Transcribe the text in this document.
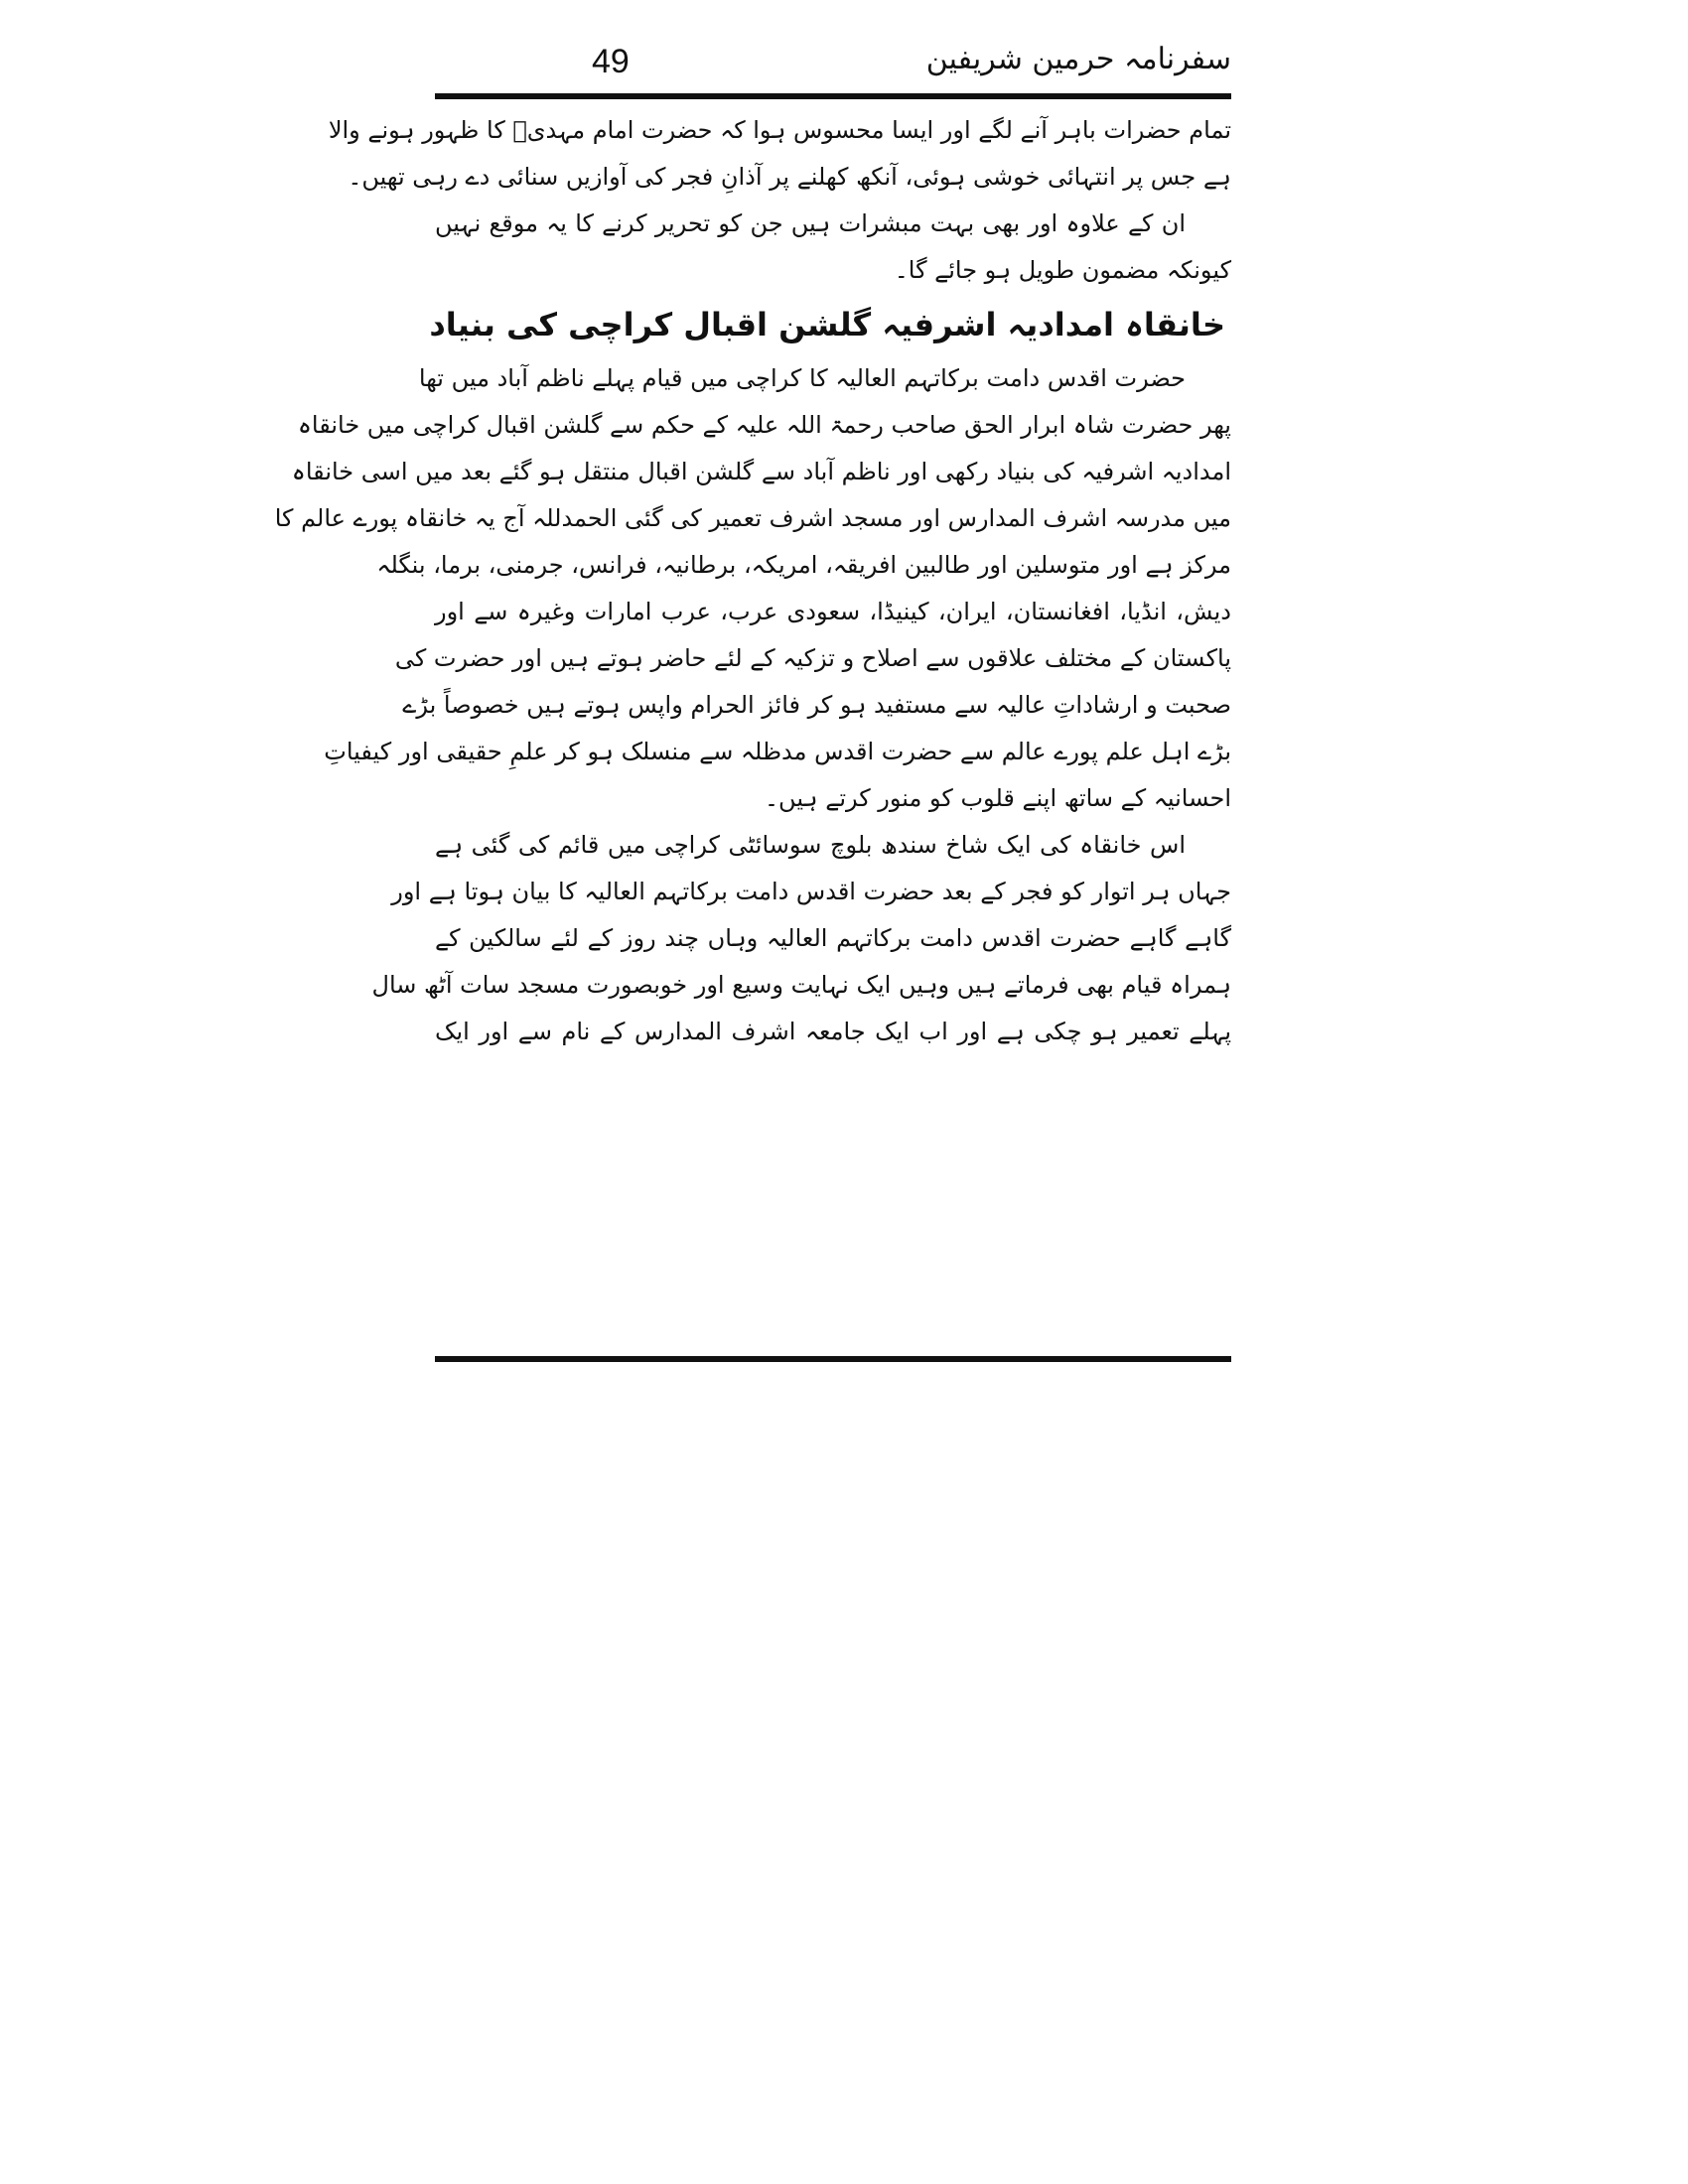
49	سفرنامہ حرمین شریفین
تمام حضرات باہر آنے لگے اور ایسا محسوس ہوا کہ حضرت امام مہدیؒ کا ظہور ہونے والا
ہے جس پر انتہائی خوشی ہوئی، آنکھ کھلنے پر آذانِ فجر کی آوازیں سنائی دے رہی تھیں۔
ان کے علاوہ اور بھی بہت مبشرات ہیں جن کو تحریر کرنے کا یہ موقع نہیں
کیونکہ مضمون طویل ہو جائے گا۔
خانقاہ امدادیہ اشرفیہ گلشن اقبال کراچی کی بنیاد
حضرت اقدس دامت برکاتہم العالیہ کا کراچی میں قیام پہلے ناظم آباد میں تھا
پھر حضرت شاہ ابرار الحق صاحب رحمۃ اللہ علیہ کے حکم سے گلشن اقبال کراچی میں خانقاہ
امدادیہ اشرفیہ کی بنیاد رکھی اور ناظم آباد سے گلشن اقبال منتقل ہو گئے بعد میں اسی خانقاہ
میں مدرسہ اشرف المدارس اور مسجد اشرف تعمیر کی گئی الحمدللہ آج یہ خانقاہ پورے عالم کا
مرکز ہے اور متوسلین اور طالبین افریقہ، امریکہ، برطانیہ، فرانس، جرمنی، برما، بنگلہ
دیش، انڈیا، افغانستان، ایران، کینیڈا، سعودی عرب، عرب امارات وغیرہ سے اور
پاکستان کے مختلف علاقوں سے اصلاح و تزکیہ کے لئے حاضر ہوتے ہیں اور حضرت کی
صحبت و ارشاداتِ عالیہ سے مستفید ہو کر فائز الحرام واپس ہوتے ہیں خصوصاً بڑے
بڑے اہل علم پورے عالم سے حضرت اقدس مدظلہ سے منسلک ہو کر علمِ حقیقی اور کیفیاتِ
احسانیہ کے ساتھ اپنے قلوب کو منور کرتے ہیں۔
اس خانقاہ کی ایک شاخ سندھ بلوچ سوسائٹی کراچی میں قائم کی گئی ہے
جہاں ہر اتوار کو فجر کے بعد حضرت اقدس دامت برکاتہم العالیہ کا بیان ہوتا ہے اور
گاہے گاہے حضرت اقدس دامت برکاتہم العالیہ وہاں چند روز کے لئے سالکین کے
ہمراہ قیام بھی فرماتے ہیں وہیں ایک نہایت وسیع اور خوبصورت مسجد سات آٹھ سال
پہلے تعمیر ہو چکی ہے اور اب ایک جامعہ اشرف المدارس کے نام سے اور ایک
